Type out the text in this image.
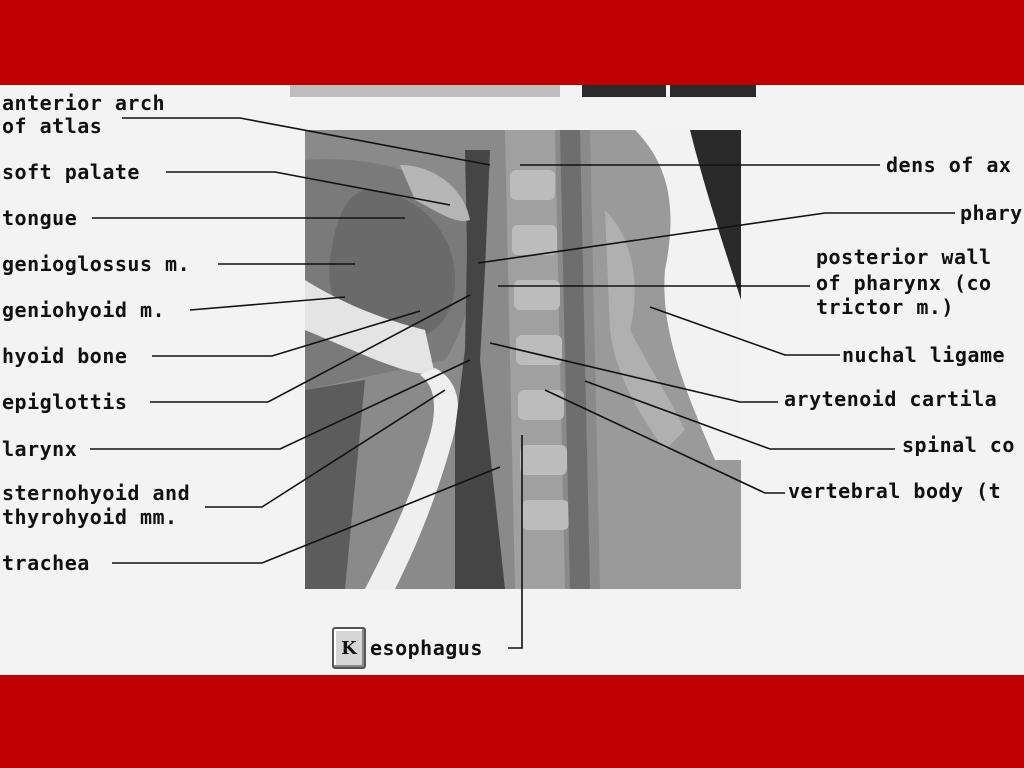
anterior arch
of atlas
soft palate
tongue
genioglossus m.
geniohyoid m.
hyoid bone
epiglottis
larynx
sternohyoid and
thyrohyoid mm.
trachea
K esophagus
dens of ax
phary
posterior wall
of pharynx (co
trictor m.)
nuchal ligame
arytenoid cartila
spinal co
vertebral body (t
